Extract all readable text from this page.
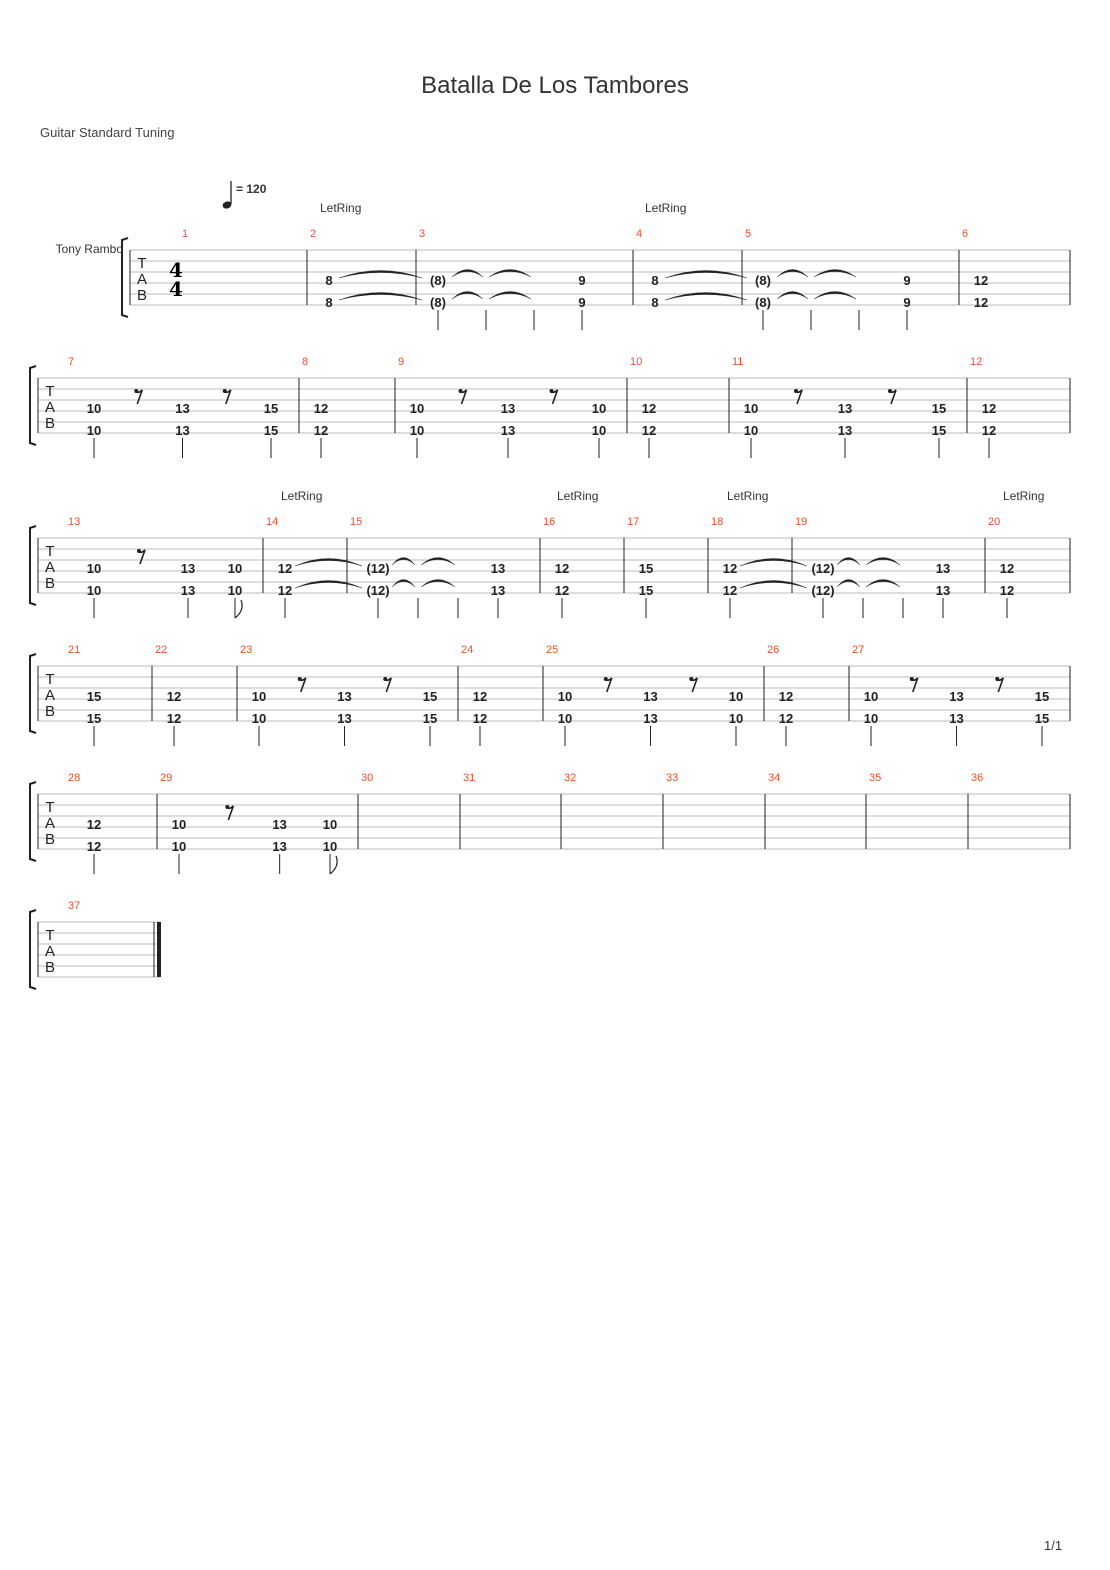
Batalla De Los Tambores
Guitar Standard Tuning
T
A
B
Tony Rambo
4
4
= 120
1	2
8
8
LetRing
3
(8)
(8)
9
9
4
8
8
LetRing
5
(8)
(8)
9
9
6
12
12
T
A
B
7
10
10
13
13
15
15
8
12
12
9
10
10
13
13
10
10
10
12
12
11
10
10
13
13
15
15
12
12
12
T
A
B
13
10
10
13
13
10
10
14
12
12
LetRing
15
(12)
(12)
13
13
LetRing
16
12
12
17
15
15
18
12
12
LetRing
19
(12)
(12)
13
13
LetRing
20
12
12
T
A
B
21
15
15
22
12
12
23
10
10
13
13
15
15
24
12
12
25
10
10
13
13
10
10
26
12
12
27
10
10
13
13
15
15
T
A
B
28
12
12
29
10
10
13
13
10
10
30	31	32	33	34	35	36
T
A
B
37
1/1
